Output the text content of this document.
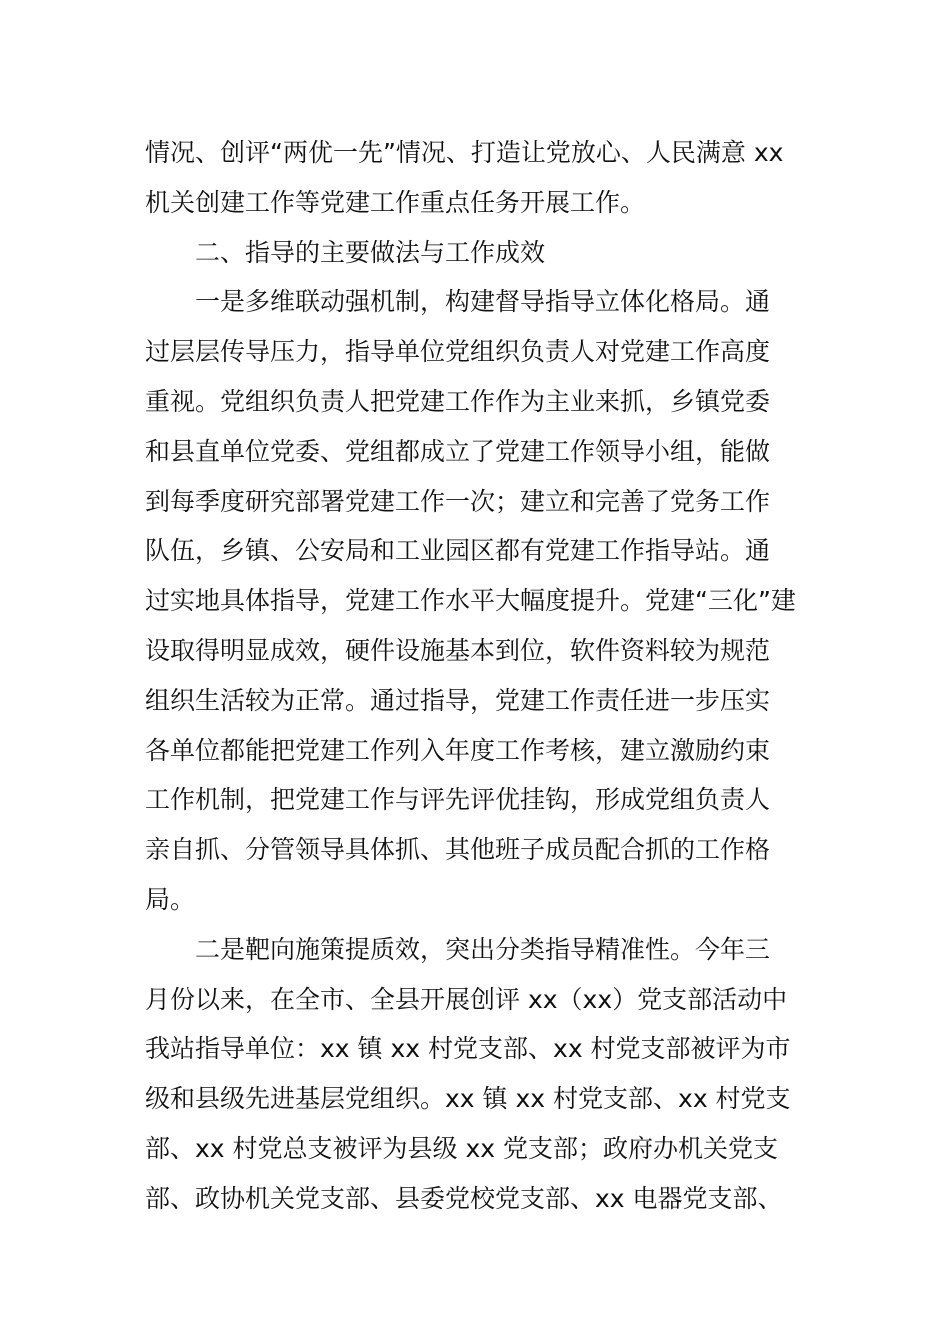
情况、创评“两优一先”情况、打造让党放心、人民满意 xx
机关创建工作等党建工作重点任务开展工作。
二、指导的主要做法与工作成效
一是多维联动强机制，构建督导指导立体化格局。通
过层层传导压力，指导单位党组织负责人对党建工作高度
重视。党组织负责人把党建工作作为主业来抓，乡镇党委
和县直单位党委、党组都成立了党建工作领导小组，能做
到每季度研究部署党建工作一次；建立和完善了党务工作
队伍，乡镇、公安局和工业园区都有党建工作指导站。通
过实地具体指导，党建工作水平大幅度提升。党建“三化”建
设取得明显成效，硬件设施基本到位，软件资料较为规范
组织生活较为正常。通过指导，党建工作责任进一步压实
各单位都能把党建工作列入年度工作考核，建立激励约束
工作机制，把党建工作与评先评优挂钩，形成党组负责人
亲自抓、分管领导具体抓、其他班子成员配合抓的工作格
局。
二是靶向施策提质效，突出分类指导精准性。今年三
月份以来，在全市、全县开展创评 xx（xx）党支部活动中
我站指导单位：xx 镇 xx 村党支部、xx 村党支部被评为市
级和县级先进基层党组织。xx 镇 xx 村党支部、xx 村党支
部、xx 村党总支被评为县级 xx 党支部；政府办机关党支
部、政协机关党支部、县委党校党支部、xx 电器党支部、
